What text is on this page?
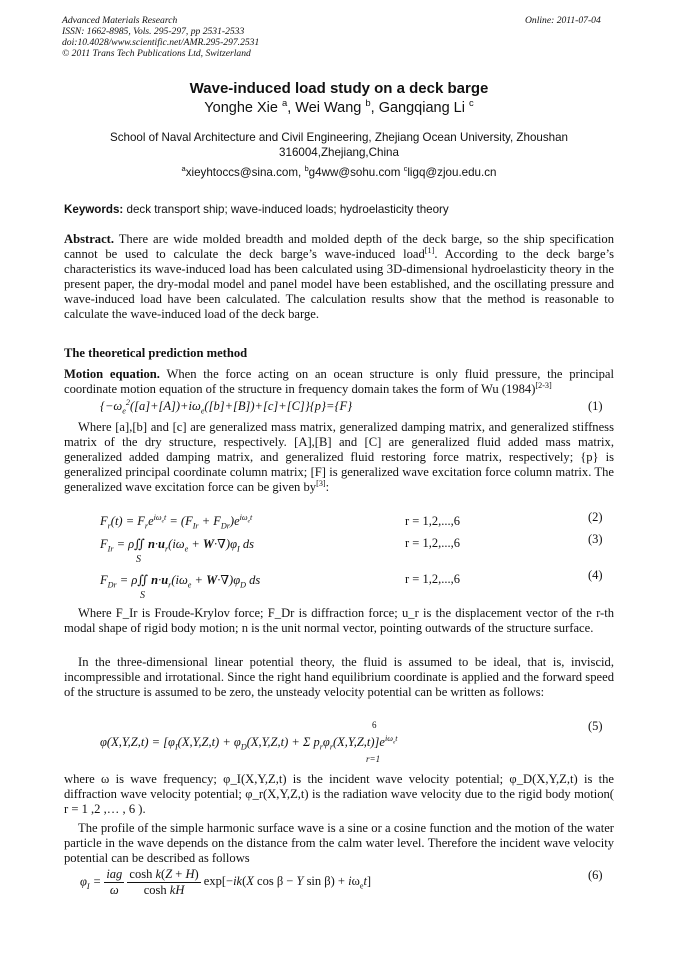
Advanced Materials Research
ISSN: 1662-8985, Vols. 295-297, pp 2531-2533
doi:10.4028/www.scientific.net/AMR.295-297.2531
© 2011 Trans Tech Publications Ltd, Switzerland
Online: 2011-07-04
Wave-induced load study on a deck barge
Yonghe Xie $^a$, Wei Wang $^b$, Gangqiang Li $^c$
School of Naval Architecture and Civil Engineering, Zhejiang Ocean University, Zhoushan 316004,Zhejiang,China
$^a$xieyhtoccs@sina.com, $^b$g4ww@sohu.com $^c$ligq@zjou.edu.cn
Keywords: deck transport ship; wave-induced loads; hydroelasticity theory
Abstract. There are wide molded breadth and molded depth of the deck barge, so the ship specification cannot be used to calculate the deck barge’s wave-induced load[1]. According to the deck barge’s characteristics its wave-induced load has been calculated using 3D-dimensional hydroelasticity theory in the present paper, the dry-modal model and panel model have been established, and the oscillating pressure and wave-induced load have been calculated. The calculation results show that the method is reasonable to calculate the wave-induced load of the deck barge.
The theoretical prediction method
Motion equation. When the force acting on an ocean structure is only fluid pressure, the principal coordinate motion equation of the structure in frequency domain takes the form of Wu (1984)[2-3]
$\{-\omega_e^2([a]+[A])+i\omega_e([b]+[B])+[c]+[C]\}\{p\}=\{F\}$	(1)
Where [a],[b] and [c] are generalized mass matrix, generalized damping matrix, and generalized stiffness matrix of the dry structure, respectively. [A],[B] and [C] are generalized fluid added mass matrix, generalized added damping matrix, and generalized fluid restoring force matrix, respectively; {p} is generalized principal coordinate column matrix; [F] is generalized wave excitation force column matrix. The generalized wave excitation force can be given by[3]:
$F_r(t) = F_re^{i\omega_et} = (F_{Ir} + F_{Dr})e^{i\omega_et}$	r = 1,2,...,6	(2)
$F_{Ir}$ = ρ∬ $n\cdot u_r(i\omega_e + W\cdot\nabla)\varphi_I$ ds
S
r = 1,2,...,6	(3)
$F_{Dr}$ = ρ∬ $n\cdot u_r(i\omega_e + W\cdot\nabla)\varphi_D$ ds
S
r = 1,2,...,6	(4)
Where F_Ir is Froude-Krylov force; F_Dr is diffraction force; u_r is the displacement vector of the r-th modal shape of rigid body motion; n is the unit normal vector, pointing outwards of the structure surface.
In the three-dimensional linear potential theory, the fluid is assumed to be ideal, that is, inviscid, incompressible and irrotational. Since the right hand equilibrium coordinate is applied and the forward speed of the structure is assumed to be zero, the unsteady velocity potential can be written as follows:
$\varphi(X,Y,Z,t) = [\varphi_I(X,Y,Z,t) + \varphi_D(X,Y,Z,t) + \Sigma$ $p_r\varphi_r(X,Y,Z,t)]e^{i\omega_et}$
6
r=1
(5)
where ω is wave frequency; φ_I(X,Y,Z,t) is the incident wave velocity potential; φ_D(X,Y,Z,t) is the diffraction wave velocity potential; φ_r(X,Y,Z,t) is the radiation wave velocity due to the rigid body motion( r = 1 ,2 ,… , 6 ).
The profile of the simple harmonic surface wave is a sine or a cosine function and the motion of the water particle in the wave depends on the distance from the calm water level. Therefore the incident wave velocity potential can be described as follows
$\varphi_I = \frac{\text{iag}}{\omega}$
$\frac{\text{cosh k(Z + H)}}{\text{cosh kH}} \exp[-ik(X$ cos β − Y $\sin \beta) + i\omega_et$]	(6)
